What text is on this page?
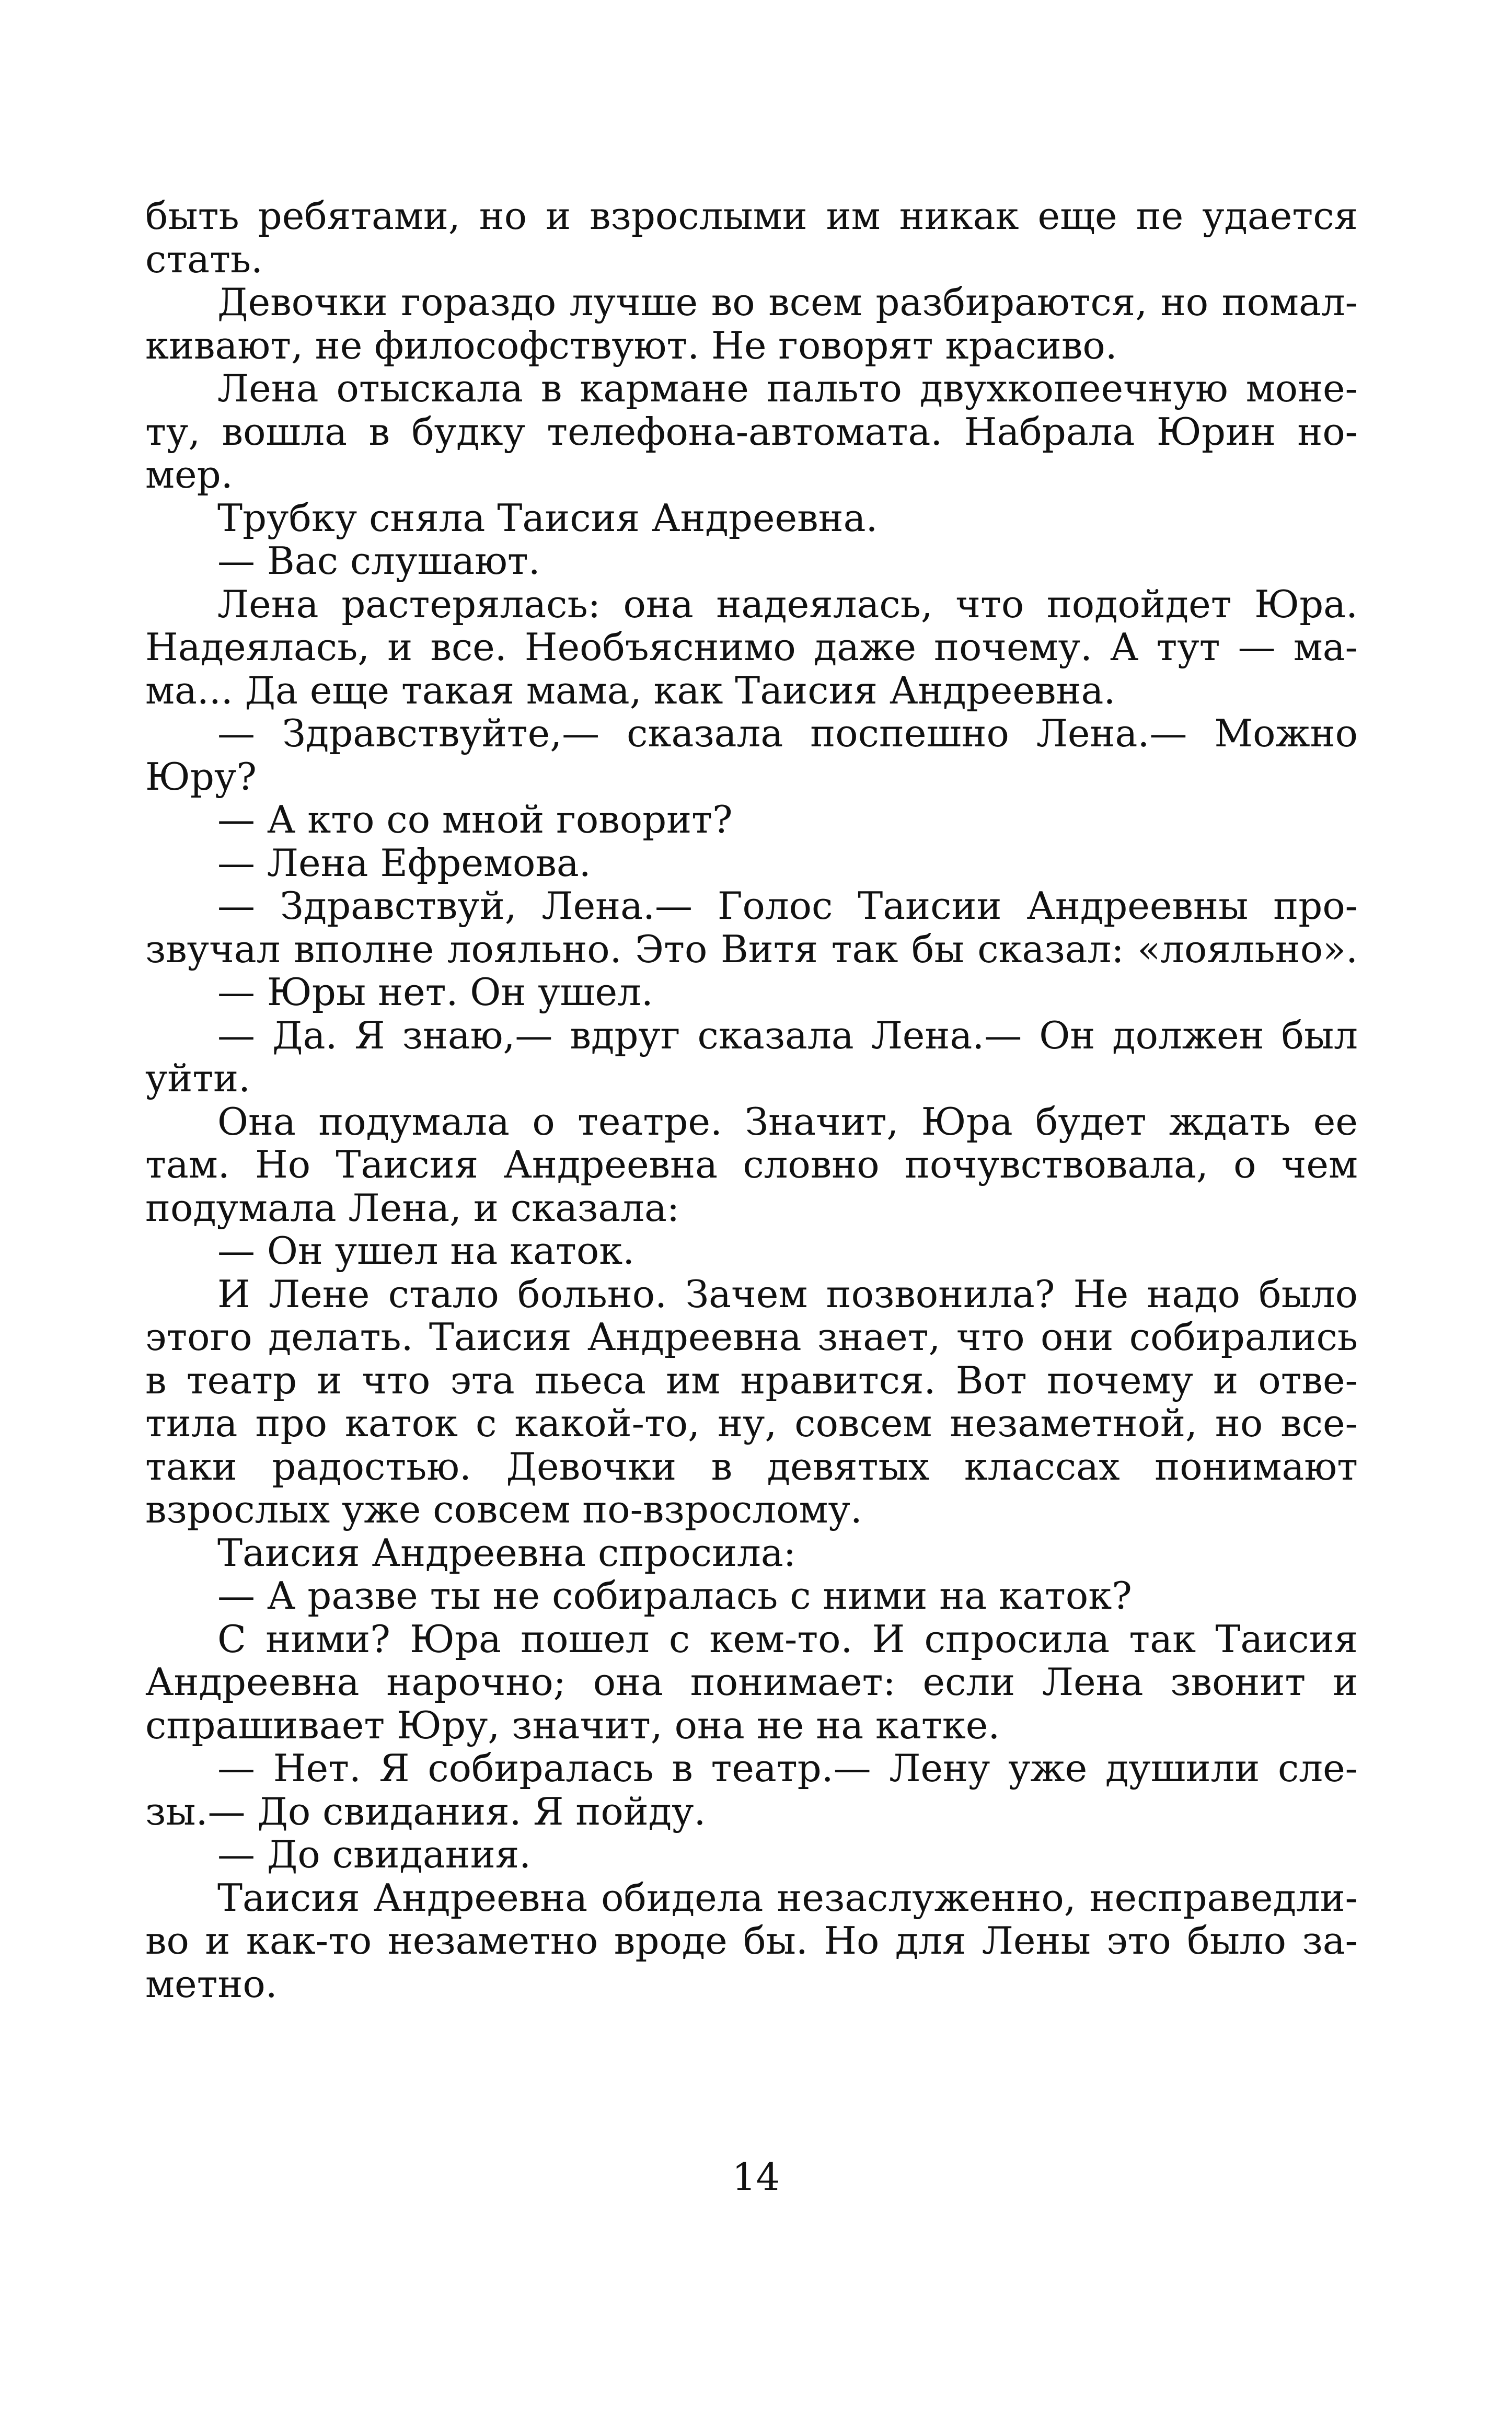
быть ребятами, но и взрослыми им никак еще пе удается
стать.
Девочки гораздо лучше во всем разбираются, но помал-
кивают, не философствуют. Не говорят красиво.
Лена отыскала в кармане пальто двухкопеечную моне-
ту, вошла в будку телефона-автомата. Набрала Юрин но-
мер.
Трубку сняла Таисия Андреевна.
— Вас слушают.
Лена растерялась: она надеялась, что подойдет Юра.
Надеялась, и все. Необъяснимо даже почему. А тут — ма-
ма... Да еще такая мама, как Таисия Андреевна.
— Здравствуйте,— сказала поспешно Лена.— Можно
Юру?
— А кто со мной говорит?
— Лена Ефремова.
— Здравствуй, Лена.— Голос Таисии Андреевны про-
звучал вполне лояльно. Это Витя так бы сказал: «лояльно».
— Юры нет. Он ушел.
— Да. Я знаю,— вдруг сказала Лена.— Он должен был
уйти.
Она подумала о театре. Значит, Юра будет ждать ее
там. Но Таисия Андреевна словно почувствовала, о чем
подумала Лена, и сказала:
— Он ушел на каток.
И Лене стало больно. Зачем позвонила? Не надо было
этого делать. Таисия Андреевна знает, что они собирались
в театр и что эта пьеса им нравится. Вот почему и отве-
тила про каток с какой-то, ну, совсем незаметной, но все-
таки радостью. Девочки в девятых классах понимают
взрослых уже совсем по-взрослому.
Таисия Андреевна спросила:
— А разве ты не собиралась с ними на каток?
С ними? Юра пошел с кем-то. И спросила так Таисия
Андреевна нарочно; она понимает: если Лена звонит и
спрашивает Юру, значит, она не на катке.
— Нет. Я собиралась в театр.— Лену уже душили сле-
зы.— До свидания. Я пойду.
— До свидания.
Таисия Андреевна обидела незаслуженно, несправедли-
во и как-то незаметно вроде бы. Но для Лены это было за-
метно.
14
